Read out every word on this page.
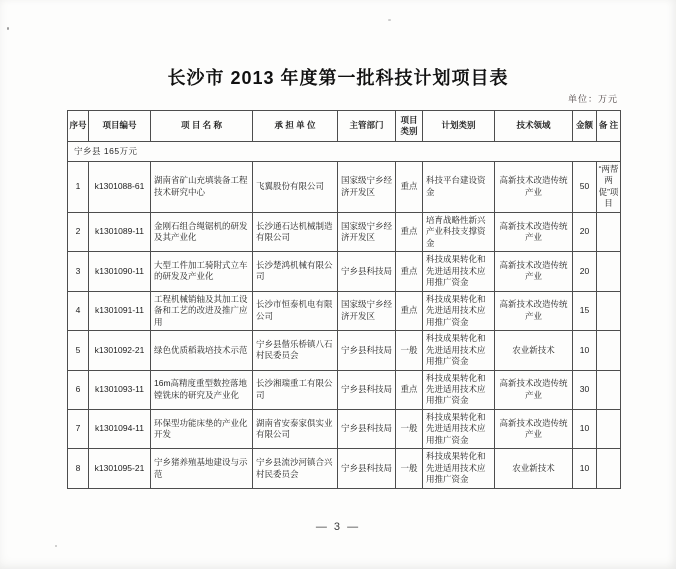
长沙市 2013 年度第一批科技计划项目表
单位：万元
序号	项目编号	项 目 名 称	承 担 单 位	主管部门	项目类别	计划类别	技术领域	金额	备 注
宁乡县 165万元									
1	k1301088-61	湖南省矿山充填装备工程技术研究中心	飞翼股份有限公司	国家级宁乡经济开发区	重点	科技平台建设资金	高新技术改造传统产业	50	“两帮两促”项目
2	k1301089-11	金刚石组合绳锯机的研发及其产业化	长沙通石达机械制造有限公司	国家级宁乡经济开发区	重点	培育战略性新兴产业科技支撑资金	高新技术改造传统产业	20	
3	k1301090-11	大型工件加工骑附式立车的研发及产业化	长沙楚鸿机械有限公司	宁乡县科技局	重点	科技成果转化和先进适用技术应用推广资金	高新技术改造传统产业	20	
4	k1301091-11	工程机械销轴及其加工设备和工艺的改进及推广应用	长沙市恒泰机电有限公司	国家级宁乡经济开发区	重点	科技成果转化和先进适用技术应用推广资金	高新技术改造传统产业	15	
5	k1301092-21	绿色优质稻栽培技术示范	宁乡县偕乐桥镇八石村民委员会	宁乡县科技局	一般	科技成果转化和先进适用技术应用推广资金	农业新技术	10	
6	k1301093-11	16m高精度重型数控落地镗铣床的研究及产业化	长沙湘瑞重工有限公司	宁乡县科技局	重点	科技成果转化和先进适用技术应用推广资金	高新技术改造传统产业	30	
7	k1301094-11	环保型功能床垫的产业化开发	湖南省安泰家俱实业有限公司	宁乡县科技局	一般	科技成果转化和先进适用技术应用推广资金	高新技术改造传统产业	10	
8	k1301095-21	宁乡猪养殖基地建设与示范	宁乡县流沙河镇合兴村民委员会	宁乡县科技局	一般	科技成果转化和先进适用技术应用推广资金	农业新技术	10	
— 3 —
